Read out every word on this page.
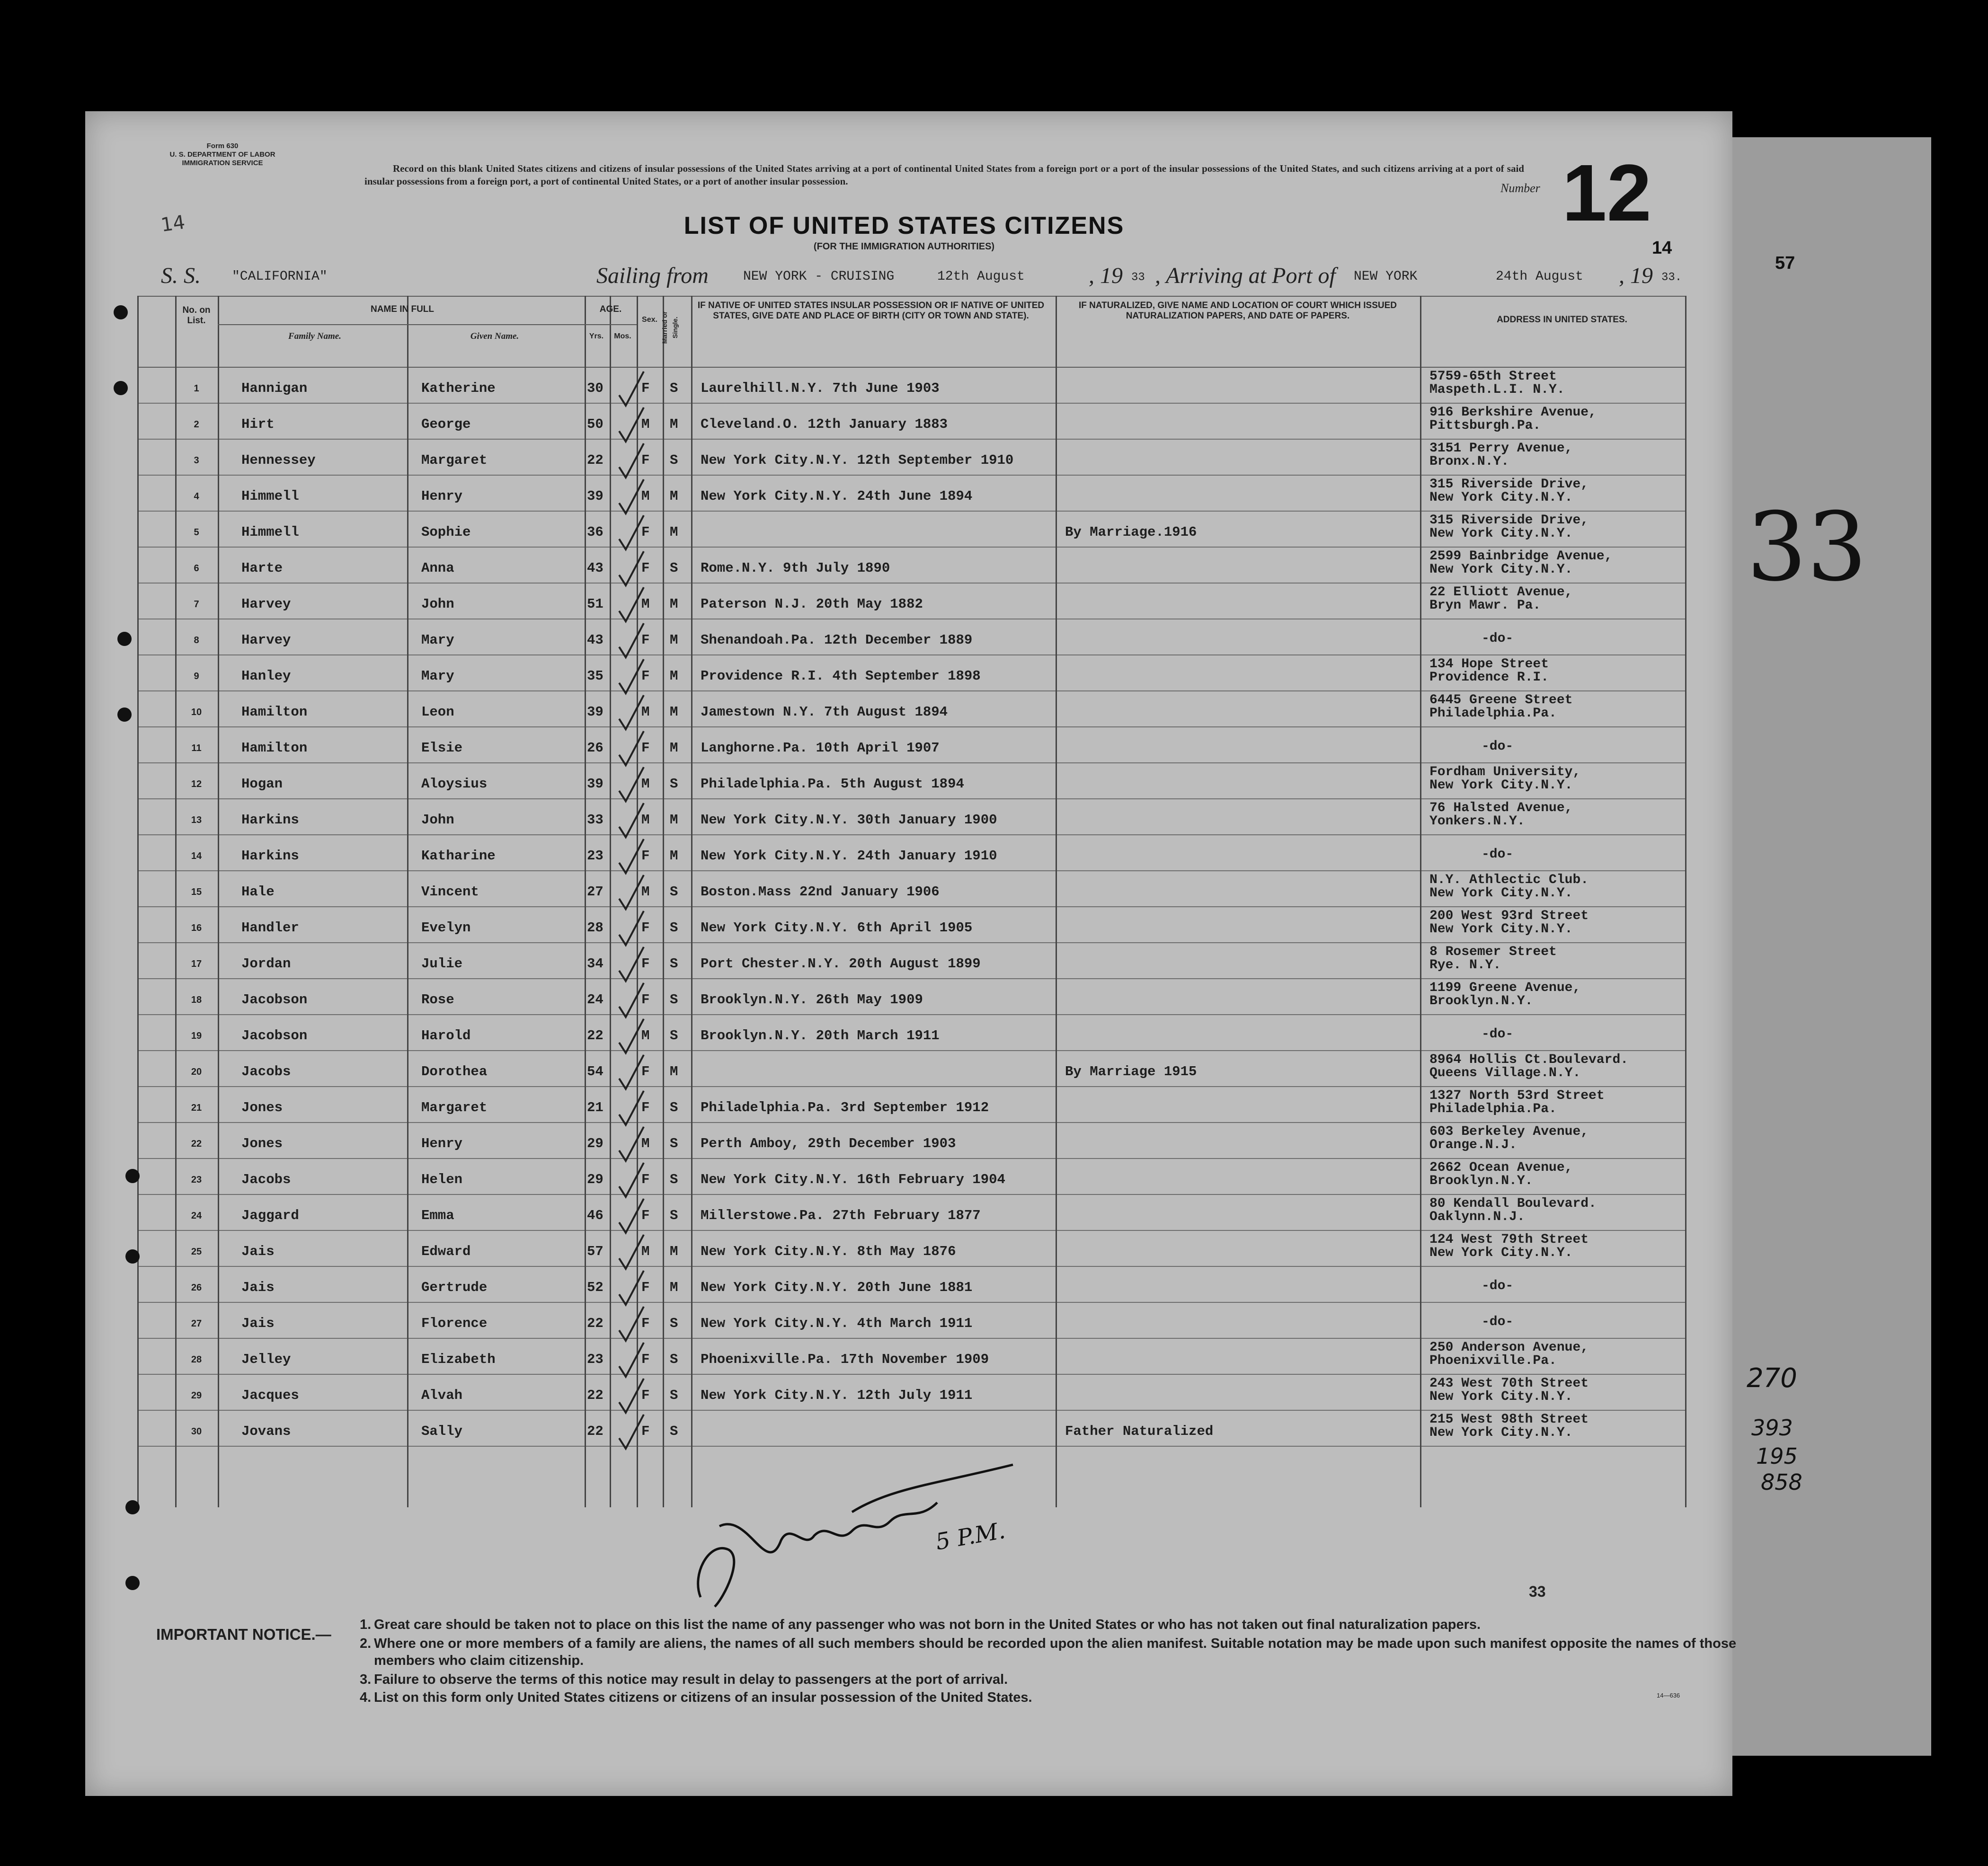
Form 630
U. S. DEPARTMENT OF LABOR
IMMIGRATION SERVICE	Record on this blank United States citizens and citizens of insular possessions of the United States arriving at a port of continental United States from a foreign port or a port of the insular possessions of the United States, and such citizens arriving at a port of said insular possessions from a foreign port, a port of continental United States, or a port of another insular possession.	Number 12
14
LIST OF UNITED STATES CITIZENS
(FOR THE IMMIGRATION AUTHORITIES)
14
S. S. "CALIFORNIA"	Sailing from	NEW YORK - CRUISING	12th August	, 19 33 , Arriving at Port of NEW YORK	24th August , 19 33.
57
No. on List.
NAME IN FULL
Family Name.	Given Name.
AGE.
Yrs.	Mos.
Sex. Married or Single.
IF NATIVE OF UNITED STATES INSULAR POSSESSION OR IF NATIVE OF UNITED STATES, GIVE DATE AND PLACE OF BIRTH (CITY OR TOWN AND STATE).
IF NATURALIZED, GIVE NAME AND LOCATION OF COURT WHICH ISSUED NATURALIZATION PAPERS, AND DATE OF PAPERS.	ADDRESS IN UNITED STATES.
1	Hannigan	Katherine	30	F S Laurelhill.N.Y. 7th June 1903
5759-65th Street
Maspeth.L.I. N.Y.
2	Hirt	George	50	M M Cleveland.O. 12th January 1883
916 Berkshire Avenue,
Pittsburgh.Pa.
3	Hennessey	Margaret	22	F S New York City.N.Y. 12th September 1910
3151 Perry Avenue,
Bronx.N.Y.
4	Himmell	Henry	39	M M New York City.N.Y. 24th June 1894
315 Riverside Drive,
New York City.N.Y.
5	Himmell	Sophie	36	F M	By Marriage.1916
315 Riverside Drive,
New York City.N.Y.
6	Harte	Anna	43	F S Rome.N.Y. 9th July 1890
2599 Bainbridge Avenue,
New York City.N.Y.
7	Harvey	John	51	M M Paterson N.J. 20th May 1882
22 Elliott Avenue,
Bryn Mawr. Pa.
8	Harvey	Mary	43	F M Shenandoah.Pa. 12th December 1889	-do-
9	Hanley	Mary	35	F M Providence R.I. 4th September 1898
134 Hope Street
Providence R.I.
10	Hamilton	Leon	39	M M Jamestown N.Y. 7th August 1894
6445 Greene Street
Philadelphia.Pa.
11	Hamilton	Elsie	26	F M Langhorne.Pa. 10th April 1907	-do-
12	Hogan	Aloysius	39	M S Philadelphia.Pa. 5th August 1894
Fordham University,
New York City.N.Y.
13	Harkins	John	33	M M New York City.N.Y. 30th January 1900
76 Halsted Avenue,
Yonkers.N.Y.
14	Harkins	Katharine	23	F M New York City.N.Y. 24th January 1910	-do-
15	Hale	Vincent	27	M S Boston.Mass 22nd January 1906
N.Y. Athlectic Club.
New York City.N.Y.
16	Handler	Evelyn	28	F S New York City.N.Y. 6th April 1905
200 West 93rd Street
New York City.N.Y.
17	Jordan	Julie	34	F S Port Chester.N.Y. 20th August 1899
8 Rosemer Street
Rye. N.Y.
18	Jacobson	Rose	24	F S Brooklyn.N.Y. 26th May 1909
1199 Greene Avenue,
Brooklyn.N.Y.
19	Jacobson	Harold	22	M S Brooklyn.N.Y. 20th March 1911	-do-
20	Jacobs	Dorothea	54	F M	By Marriage 1915
8964 Hollis Ct.Boulevard.
Queens Village.N.Y.
21	Jones	Margaret	21	F S Philadelphia.Pa. 3rd September 1912
1327 North 53rd Street
Philadelphia.Pa.
22	Jones	Henry	29	M S Perth Amboy, 29th December 1903
603 Berkeley Avenue,
Orange.N.J.
23	Jacobs	Helen	29	F S New York City.N.Y. 16th February 1904
2662 Ocean Avenue,
Brooklyn.N.Y.
24	Jaggard	Emma	46	F S Millerstowe.Pa. 27th February 1877
80 Kendall Boulevard.
Oaklynn.N.J.
25	Jais	Edward	57	M M New York City.N.Y. 8th May 1876
124 West 79th Street
New York City.N.Y.
26	Jais	Gertrude	52	F M New York City.N.Y. 20th June 1881	-do-
27	Jais	Florence	22	F S New York City.N.Y. 4th March 1911	-do-
28	Jelley	Elizabeth	23	F S Phoenixville.Pa. 17th November 1909
250 Anderson Avenue,
Phoenixville.Pa.
29	Jacques	Alvah	22	F S New York City.N.Y. 12th July 1911
243 West 70th Street
New York City.N.Y.
30	Jovans	Sally	22	F S	Father Naturalized
215 West 98th Street
New York City.N.Y.
5 P.M.
33
IMPORTANT NOTICE.—
1. Great care should be taken not to place on this list the name of any passenger who was not born in the United States or who has not taken out final naturalization papers.
2. Where one or more members of a family are aliens, the names of all such members should be recorded upon the alien manifest. Suitable notation may be made upon such manifest opposite the names of those members who claim citizenship.
3. Failure to observe the terms of this notice may result in delay to passengers at the port of arrival.
4. List on this form only United States citizens or citizens of an insular possession of the United States.	14—636
33
270
393
195
858
